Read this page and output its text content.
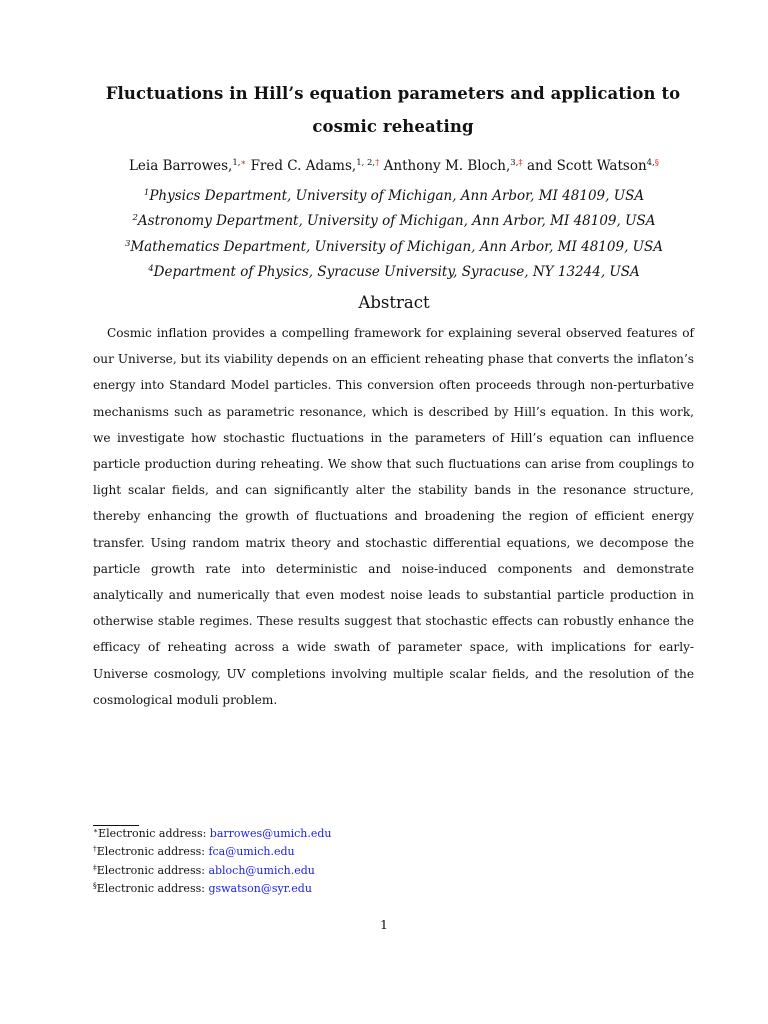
Fluctuations in Hill’s equation parameters and application to
cosmic reheating
Leia Barrowes,$^{1,∗}$ Fred C. Adams,$^{1, 2,\dagger}$ Anthony M. Bloch,$^{3,\ddagger}$ and Scott Watson$^{4,\S}$
$^1$Physics Department, University of Michigan, Ann Arbor, MI 48109, USA
$^2$Astronomy Department, University of Michigan, Ann Arbor, MI 48109, USA
$^3$Mathematics Department, University of Michigan, Ann Arbor, MI 48109, USA
$^4$Department of Physics, Syracuse University, Syracuse, NY 13244, USA
Abstract

Cosmic inflation provides a compelling framework for explaining several observed features of our Universe, but its viability depends on an efficient reheating phase that converts the inflaton’s energy into Standard Model particles. This conversion often proceeds through non-perturbative mechanisms such as parametric resonance, which is described by Hill’s equation. In this work, we investigate how stochastic fluctuations in the parameters of Hill’s equation can influence particle production during reheating. We show that such fluctuations can arise from couplings to light scalar fields, and can significantly alter the stability bands in the resonance structure, thereby enhancing the growth of fluctuations and broadening the region of efficient energy transfer. Using random matrix theory and stochastic differential equations, we decompose the particle growth rate into deterministic and noise-induced components and demonstrate analytically and numerically that even modest noise leads to substantial particle production in otherwise stable regimes. These results suggest that stochastic effects can robustly enhance the efficacy of reheating across a wide swath of parameter space, with implications for early-Universe cosmology, UV completions involving multiple scalar fields, and the resolution of the cosmological moduli problem.

∗Electronic address: barrowes@umich.edu
†Electronic address: fca@umich.edu
‡Electronic address: abloch@umich.edu
§Electronic address: gswatson@syr.edu
1
